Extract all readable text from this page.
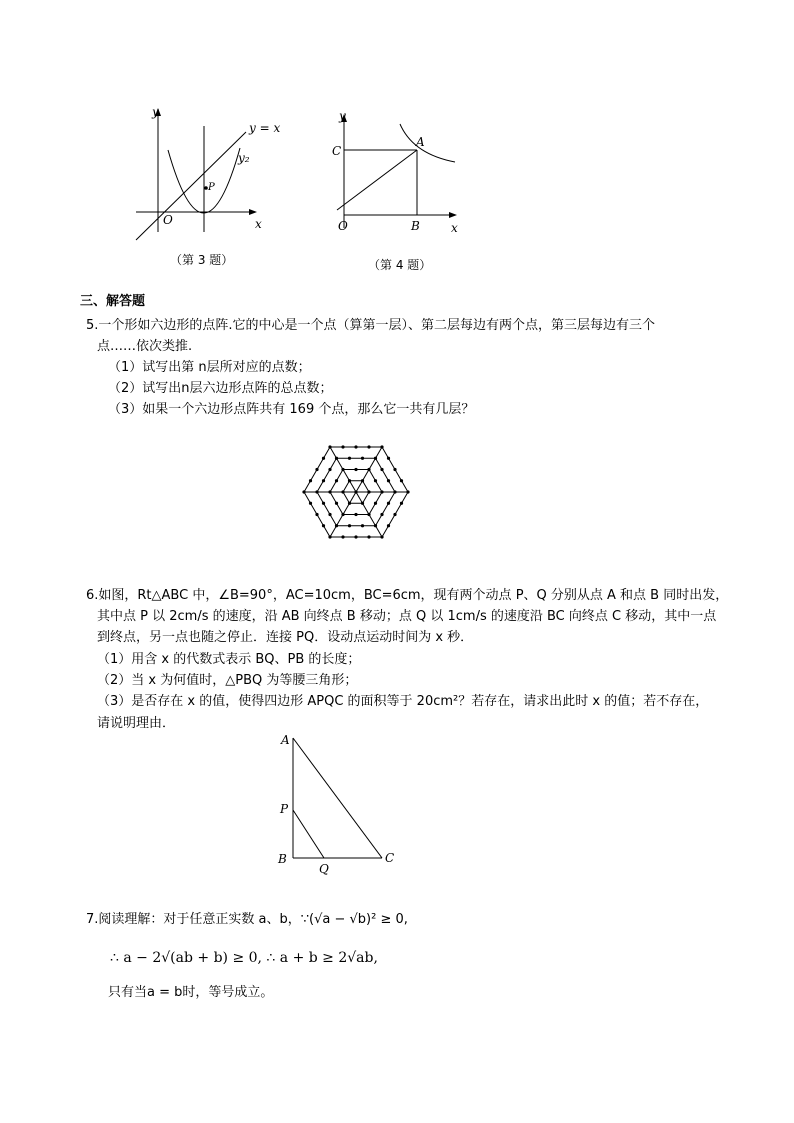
y
x
O
y = x
y₂
P
（第 3 题）
y
x
O
A
B
C
（第 4 题）
三、解答题
5.一个形如六边形的点阵.它的中心是一个点（算第一层）、第二层每边有两个点，第三层每边有三个
点……依次类推.
（1）试写出第 n层所对应的点数；
（2）试写出n层六边形点阵的总点数；
（3）如果一个六边形点阵共有 169 个点，那么它一共有几层？
6.如图，Rt△ABC 中，∠B=90°，AC=10cm，BC=6cm，现有两个动点 P、Q 分别从点 A 和点 B 同时出发，
其中点 P 以 2cm/s 的速度，沿 AB 向终点 B 移动；点 Q 以 1cm/s 的速度沿 BC 向终点 C 移动，其中一点
到终点，另一点也随之停止．连接 PQ．设动点运动时间为 x 秒．
（1）用含 x 的代数式表示 BQ、PB 的长度；
（2）当 x 为何值时，△PBQ 为等腰三角形；
（3）是否存在 x 的值，使得四边形 APQC 的面积等于 20cm²？若存在，请求出此时 x 的值；若不存在，
请说明理由．
A
P
B
Q
C
7.阅读理解：对于任意正实数 a、b，∵(√a − √b)² ≥ 0,
∴ a − 2√(ab + b) ≥ 0, ∴ a + b ≥ 2√ab,
只有当a = b时，等号成立。
